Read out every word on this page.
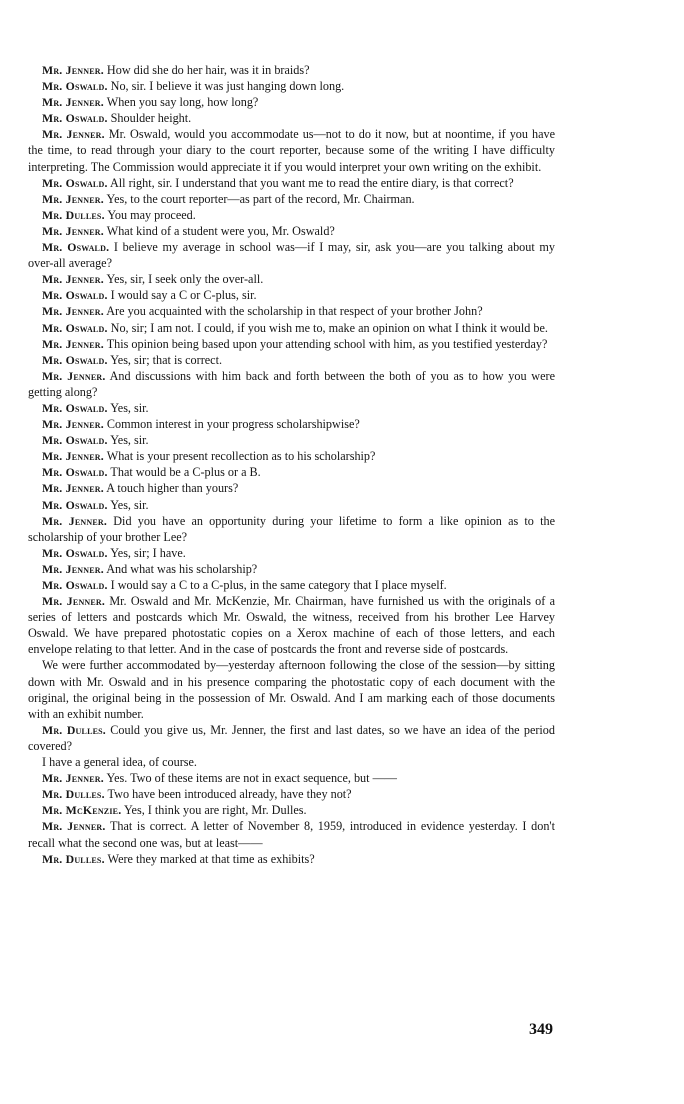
Mr. Jenner. How did she do her hair, was it in braids?

Mr. Oswald. No, sir. I believe it was just hanging down long.

Mr. Jenner. When you say long, how long?

Mr. Oswald. Shoulder height.

Mr. Jenner. Mr. Oswald, would you accommodate us—not to do it now, but at noontime, if you have the time, to read through your diary to the court reporter, because some of the writing I have difficulty interpreting. The Commission would appreciate it if you would interpret your own writing on the exhibit.

Mr. Oswald. All right, sir. I understand that you want me to read the entire diary, is that correct?

Mr. Jenner. Yes, to the court reporter—as part of the record, Mr. Chairman.

Mr. Dulles. You may proceed.

Mr. Jenner. What kind of a student were you, Mr. Oswald?

Mr. Oswald. I believe my average in school was—if I may, sir, ask you—are you talking about my over-all average?

Mr. Jenner. Yes, sir, I seek only the over-all.

Mr. Oswald. I would say a C or C-plus, sir.

Mr. Jenner. Are you acquainted with the scholarship in that respect of your brother John?

Mr. Oswald. No, sir; I am not. I could, if you wish me to, make an opinion on what I think it would be.

Mr. Jenner. This opinion being based upon your attending school with him, as you testified yesterday?

Mr. Oswald. Yes, sir; that is correct.

Mr. Jenner. And discussions with him back and forth between the both of you as to how you were getting along?

Mr. Oswald. Yes, sir.

Mr. Jenner. Common interest in your progress scholarshipwise?

Mr. Oswald. Yes, sir.

Mr. Jenner. What is your present recollection as to his scholarship?

Mr. Oswald. That would be a C-plus or a B.

Mr. Jenner. A touch higher than yours?

Mr. Oswald. Yes, sir.

Mr. Jenner. Did you have an opportunity during your lifetime to form a like opinion as to the scholarship of your brother Lee?

Mr. Oswald. Yes, sir; I have.

Mr. Jenner. And what was his scholarship?

Mr. Oswald. I would say a C to a C-plus, in the same category that I place myself.

Mr. Jenner. Mr. Oswald and Mr. McKenzie, Mr. Chairman, have furnished us with the originals of a series of letters and postcards which Mr. Oswald, the witness, received from his brother Lee Harvey Oswald. We have prepared photostatic copies on a Xerox machine of each of those letters, and each envelope relating to that letter. And in the case of postcards the front and reverse side of postcards.

We were further accommodated by—yesterday afternoon following the close of the session—by sitting down with Mr. Oswald and in his presence comparing the photostatic copy of each document with the original, the original being in the possession of Mr. Oswald. And I am marking each of those documents with an exhibit number.

Mr. Dulles. Could you give us, Mr. Jenner, the first and last dates, so we have an idea of the period covered?

I have a general idea, of course.

Mr. Jenner. Yes. Two of these items are not in exact sequence, but ——

Mr. Dulles. Two have been introduced already, have they not?

Mr. McKenzie. Yes, I think you are right, Mr. Dulles.

Mr. Jenner. That is correct. A letter of November 8, 1959, introduced in evidence yesterday. I don't recall what the second one was, but at least——

Mr. Dulles. Were they marked at that time as exhibits?

349
